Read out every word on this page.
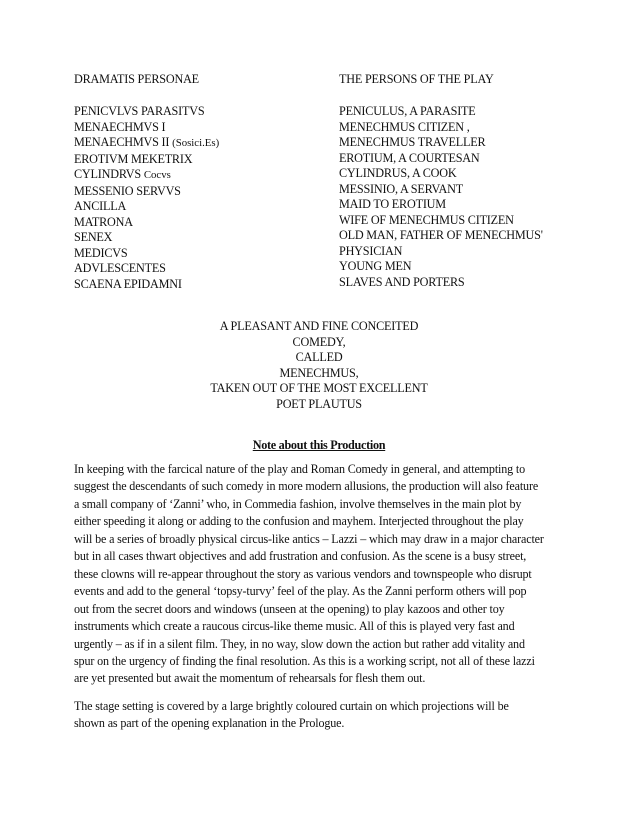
DRAMATIS PERSONAE	THE PERSONS OF THE PLAY
PENICVLVS PARASITVS
MENAECHMVS I
MENAECHMVS II (Sosici.Es)
EROTIVM MEKETRIX
CYLINDRVS Cocvs
MESSENIO SERVVS
ANCILLA
MATRONA
SENEX
MEDICVS
ADVLESCENTES
SCAENA EPIDAMNI
PENICULUS, A PARASITE
MENECHMUS CITIZEN ,
MENECHMUS TRAVELLER
EROTIUM, A COURTESAN
CYLINDRUS, A COOK
MESSINIO, A SERVANT
MAID TO EROTIUM
WIFE OF MENECHMUS CITIZEN
OLD MAN, FATHER OF MENECHMUS'
PHYSICIAN
YOUNG MEN
SLAVES AND PORTERS
A PLEASANT AND FINE CONCEITED
COMEDY,
CALLED
MENECHMUS,
TAKEN OUT OF THE MOST EXCELLENT
POET PLAUTUS
Note about this Production

In keeping with the farcical nature of the play and Roman Comedy in general, and attempting to
suggest the descendants of such comedy in more modern allusions, the production will also feature
a small company of ‘Zanni’ who, in Commedia fashion, involve themselves in the main plot by
either speeding it along or adding to the confusion and mayhem. Interjected throughout the play
will be a series of broadly physical circus-like antics – Lazzi – which may draw in a major character
but in all cases thwart objectives and add frustration and confusion. As the scene is a busy street,
these clowns will re-appear throughout the story as various vendors and townspeople who disrupt
events and add to the general ‘topsy-turvy’ feel of the play. As the Zanni perform others will pop
out from the secret doors and windows (unseen at the opening) to play kazoos and other toy
instruments which create a raucous circus-like theme music. All of this is played very fast and
urgently – as if in a silent film. They, in no way, slow down the action but rather add vitality and
spur on the urgency of finding the final resolution. As this is a working script, not all of these lazzi
are yet presented but await the momentum of rehearsals for flesh them out.

The stage setting is covered by a large brightly coloured curtain on which projections will be
shown as part of the opening explanation in the Prologue.
